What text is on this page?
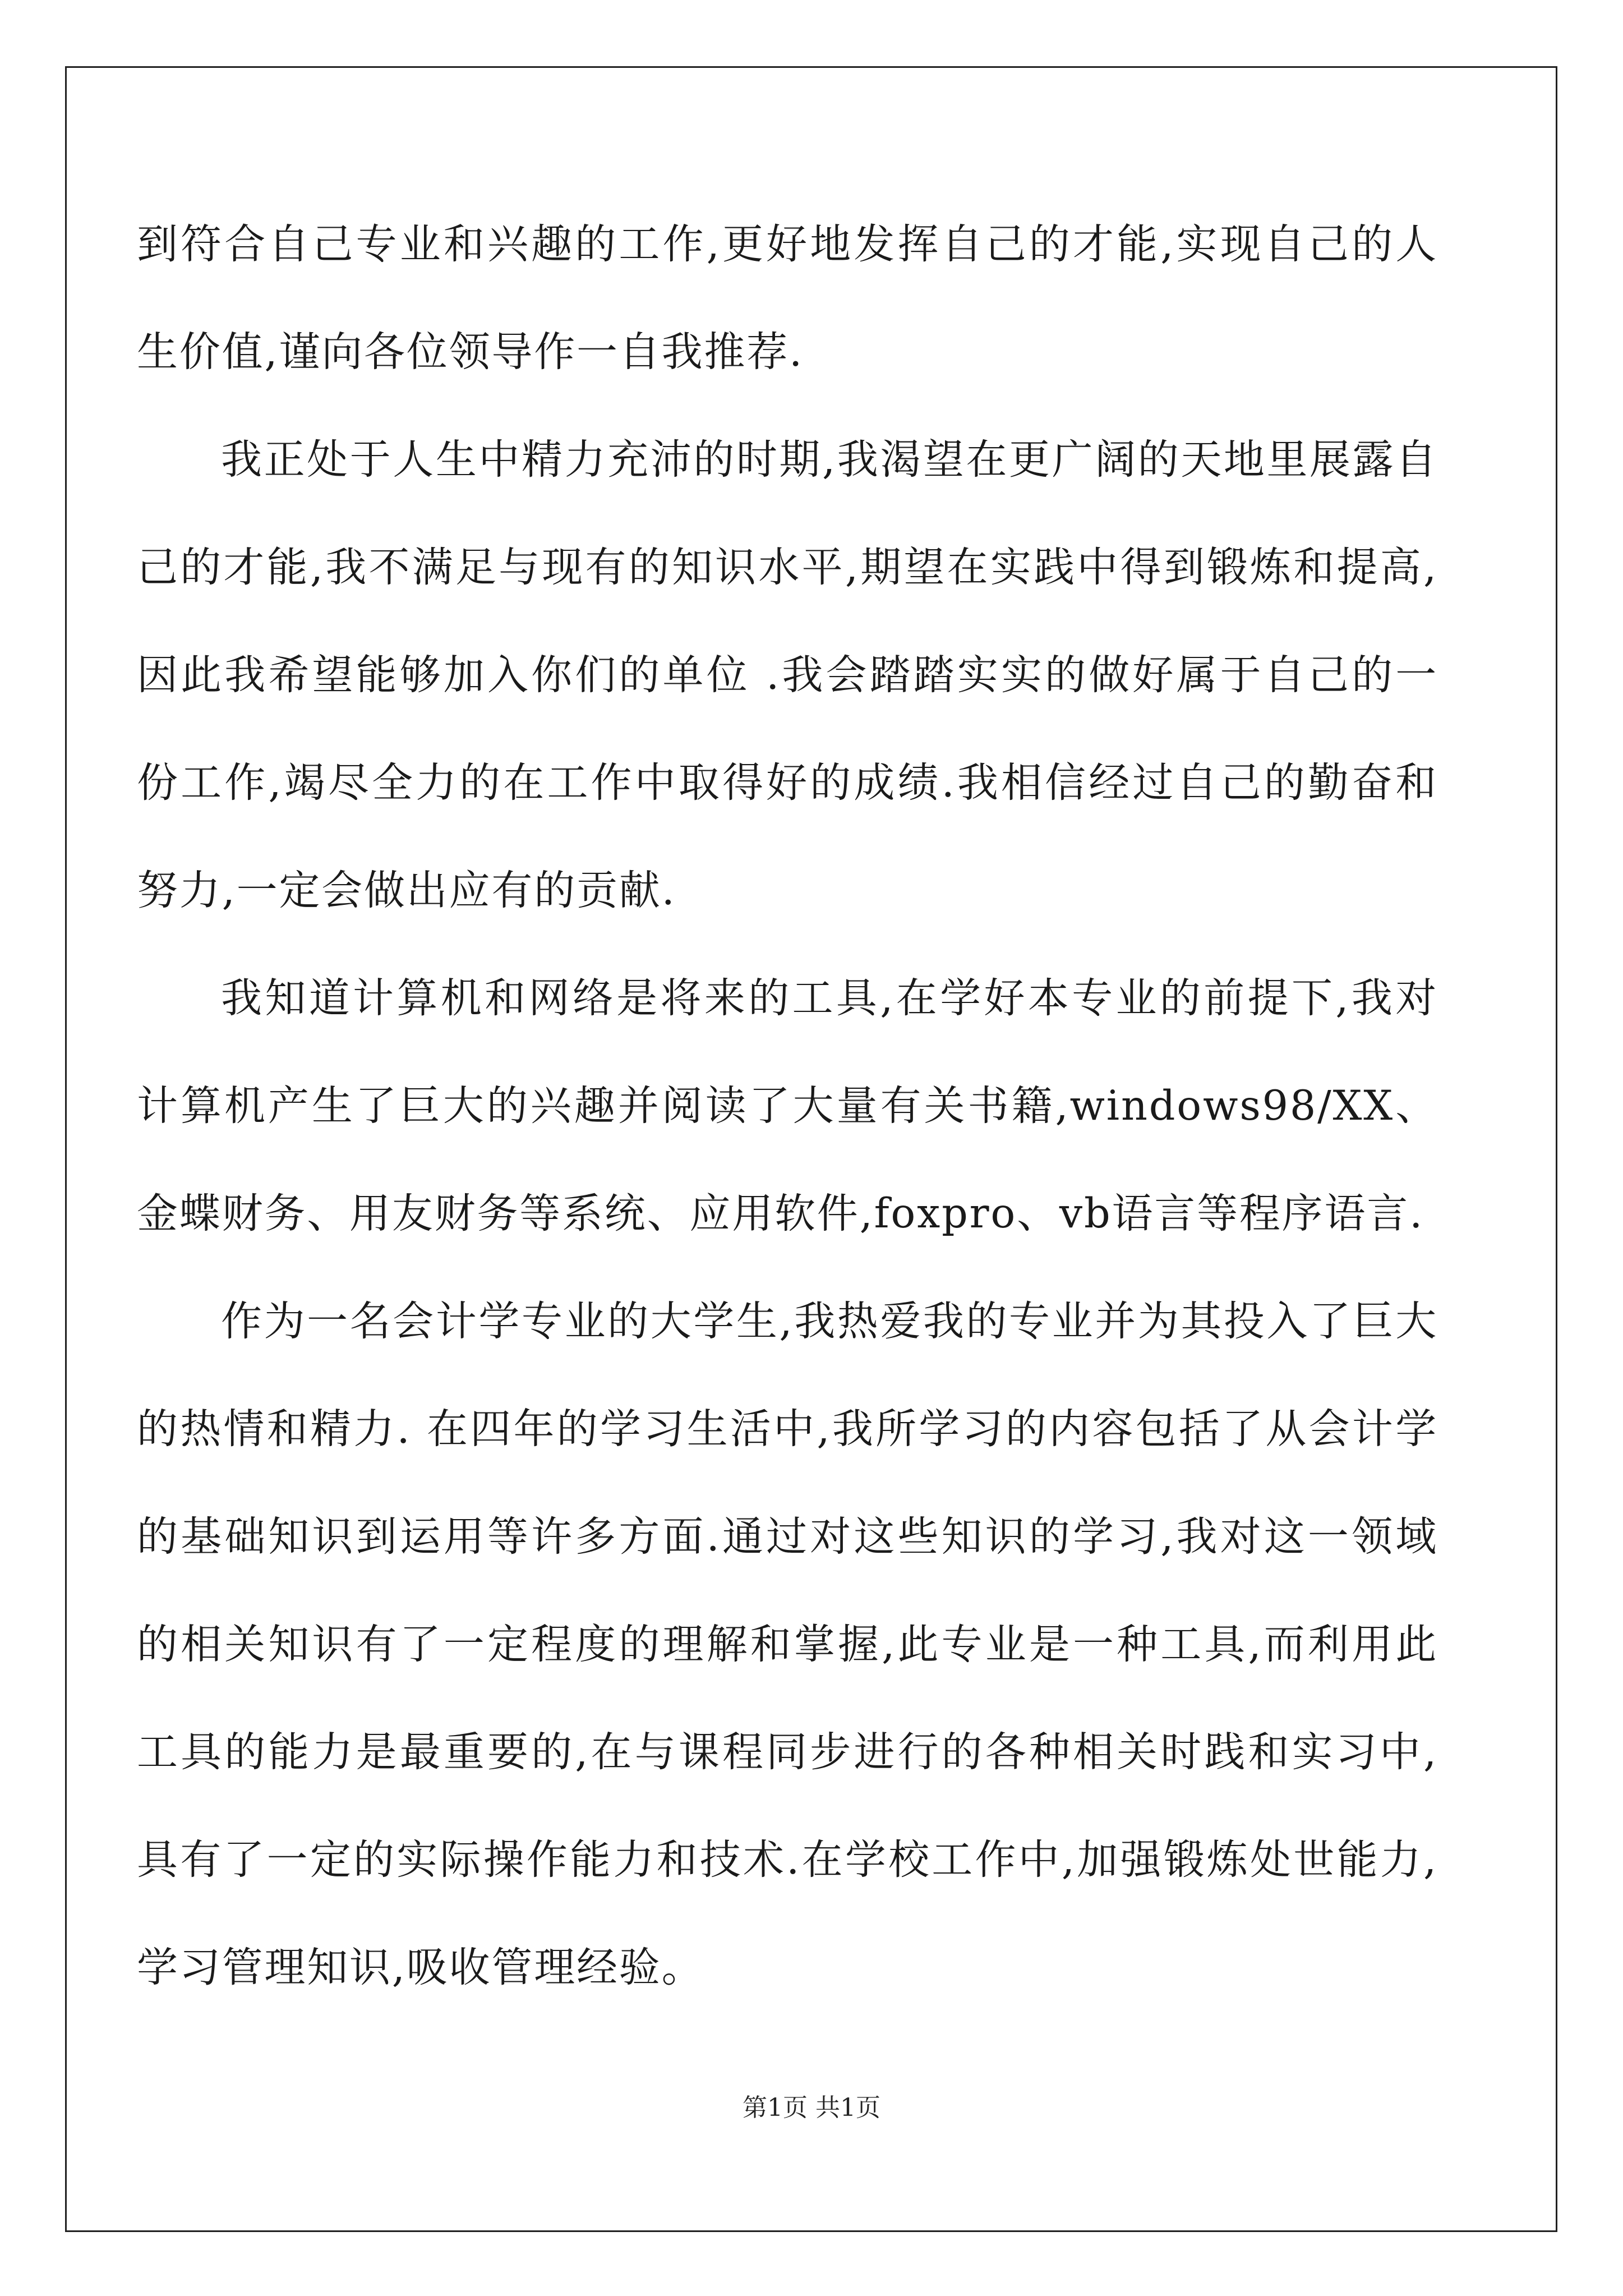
到符合自己专业和兴趣的工作,更好地发挥自己的才能,实现自己的人生价值,谨向各位领导作一自我推荐.

我正处于人生中精力充沛的时期,我渴望在更广阔的天地里展露自己的才能,我不满足与现有的知识水平,期望在实践中得到锻炼和提高,因此我希望能够加入你们的单位 .我会踏踏实实的做好属于自己的一份工作,竭尽全力的在工作中取得好的成绩.我相信经过自己的勤奋和努力,一定会做出应有的贡献.

我知道计算机和网络是将来的工具,在学好本专业的前提下,我对计算机产生了巨大的兴趣并阅读了大量有关书籍,windows98/XX、金蝶财务、用友财务等系统、应用软件,foxpro、vb语言等程序语言.

作为一名会计学专业的大学生,我热爱我的专业并为其投入了巨大的热情和精力. 在四年的学习生活中,我所学习的内容包括了从会计学的基础知识到运用等许多方面.通过对这些知识的学习,我对这一领域的相关知识有了一定程度的理解和掌握,此专业是一种工具,而利用此工具的能力是最重要的,在与课程同步进行的各种相关时践和实习中, 具有了一定的实际操作能力和技术.在学校工作中,加强锻炼处世能力,学习管理知识,吸收管理经验。

第1页 共1页
